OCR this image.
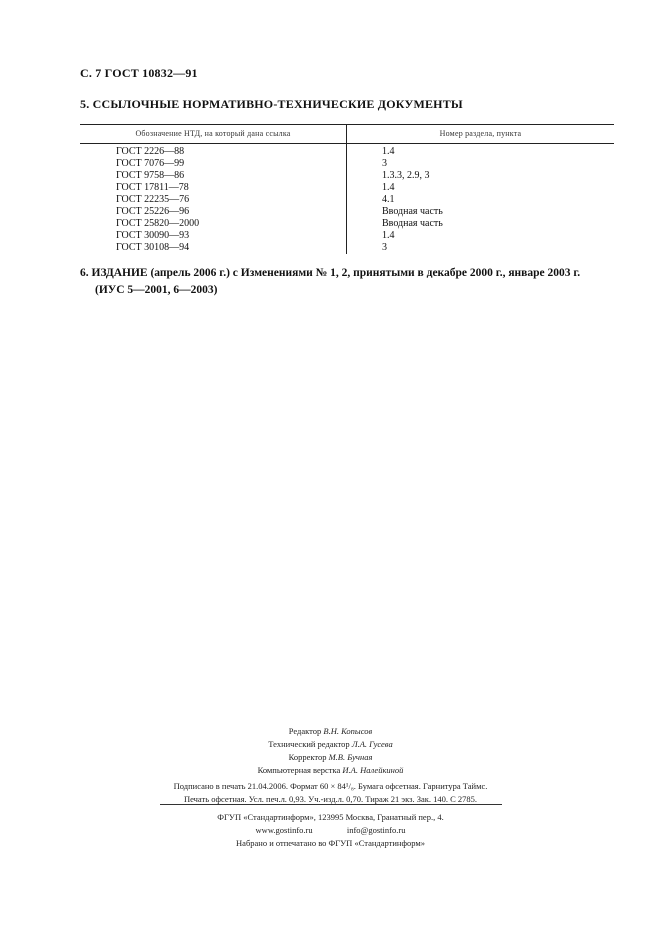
С. 7 ГОСТ 10832—91
5. ССЫЛОЧНЫЕ НОРМАТИВНО-ТЕХНИЧЕСКИЕ ДОКУМЕНТЫ
Обозначение НТД, на который дана ссылка	Номер раздела, пункта
ГОСТ 2226—88	1.4
ГОСТ 7076—99	3
ГОСТ 9758—86	1.3.3, 2.9, 3
ГОСТ 17811—78	1.4
ГОСТ 22235—76	4.1
ГОСТ 25226—96	Вводная часть
ГОСТ 25820—2000	Вводная часть
ГОСТ 30090—93	1.4
ГОСТ 30108—94	3
6. ИЗДАНИЕ (апрель 2006 г.) с Изменениями № 1, 2, принятыми в декабре 2000 г., январе 2003 г.
(ИУС 5—2001, 6—2003)
Редактор В.Н. Копысов
Технический редактор Л.А. Гусева
Корректор М.В. Бучная
Компьютерная верстка И.А. Налейкиной
Подписано в печать 21.04.2006. Формат 60 × 84¹/₈. Бумага офсетная. Гарнитура Таймс.
Печать офсетная. Усл. печ.л. 0,93. Уч.-изд.л. 0,70. Тираж 21 экз. Зак. 140. С 2785.
ФГУП «Стандартинформ», 123995 Москва, Гранатный пер., 4.
www.gostinfo.ru	info@gostinfo.ru
Набрано и отпечатано во ФГУП «Стандартинформ»
